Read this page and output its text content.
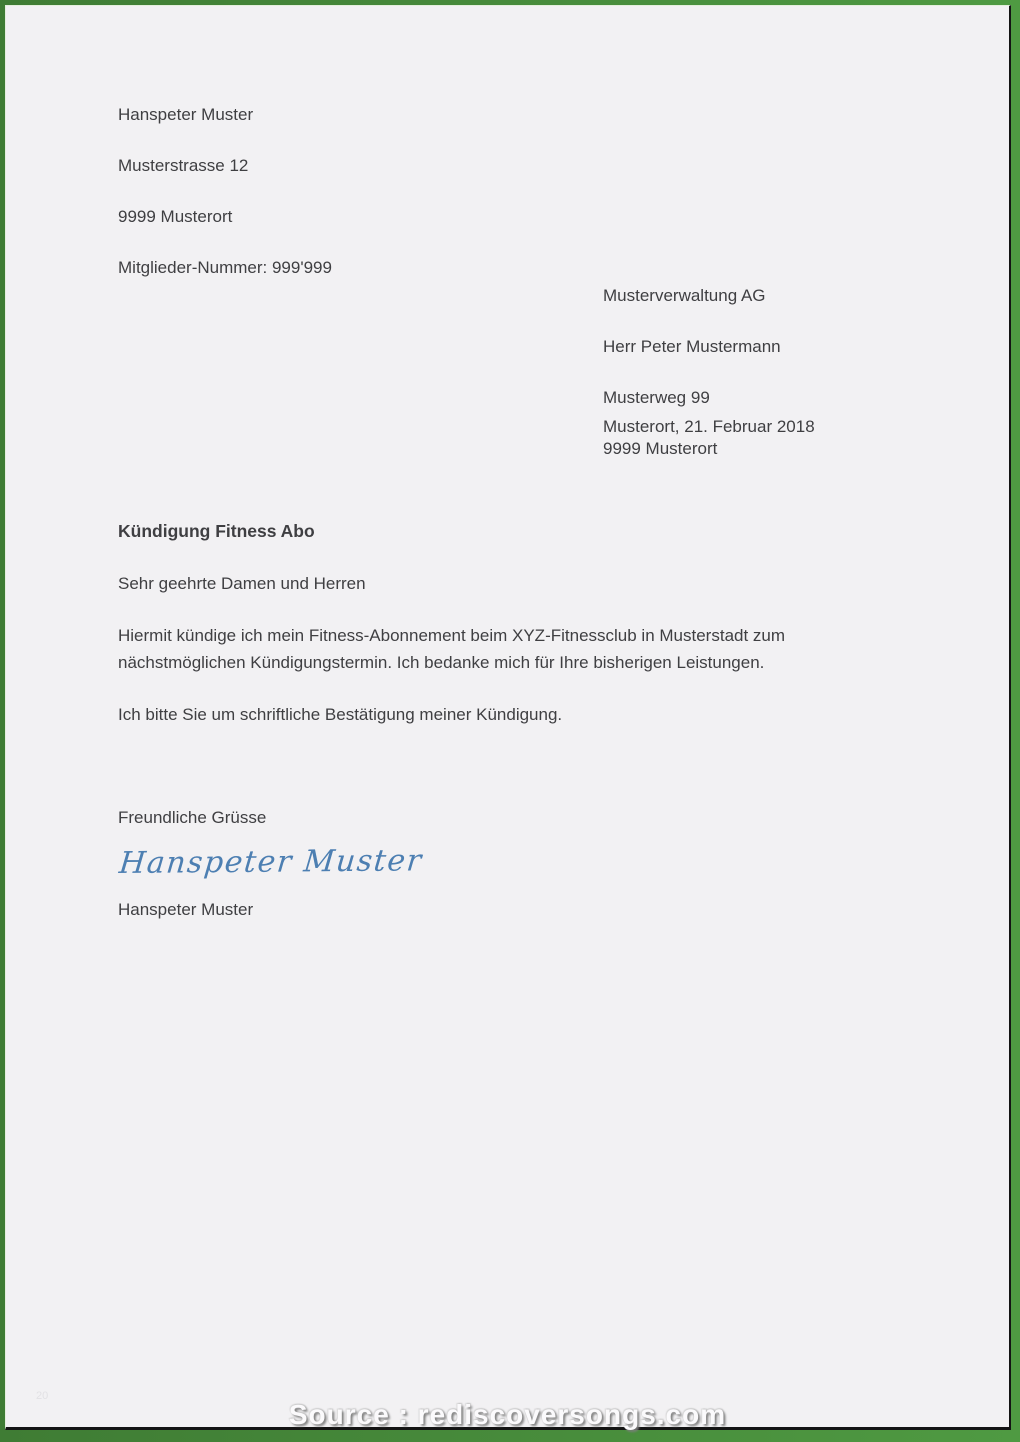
Hanspeter Muster

Musterstrasse 12

9999 Musterort

Mitglieder-Nummer: 999'999

Musterverwaltung AG

Herr Peter Mustermann

Musterweg 99

9999 Musterort

Musterort, 21. Februar 2018
Kündigung Fitness Abo
Sehr geehrte Damen und Herren
Hiermit kündige ich mein Fitness-Abonnement beim XYZ-Fitnessclub in Musterstadt zum nächstmöglichen Kündigungstermin. Ich bedanke mich für Ihre bisherigen Leistungen.
Ich bitte Sie um schriftliche Bestätigung meiner Kündigung.
Freundliche Grüsse
Hanspeter Muster
Hanspeter Muster
20
Source : rediscoversongs.com
